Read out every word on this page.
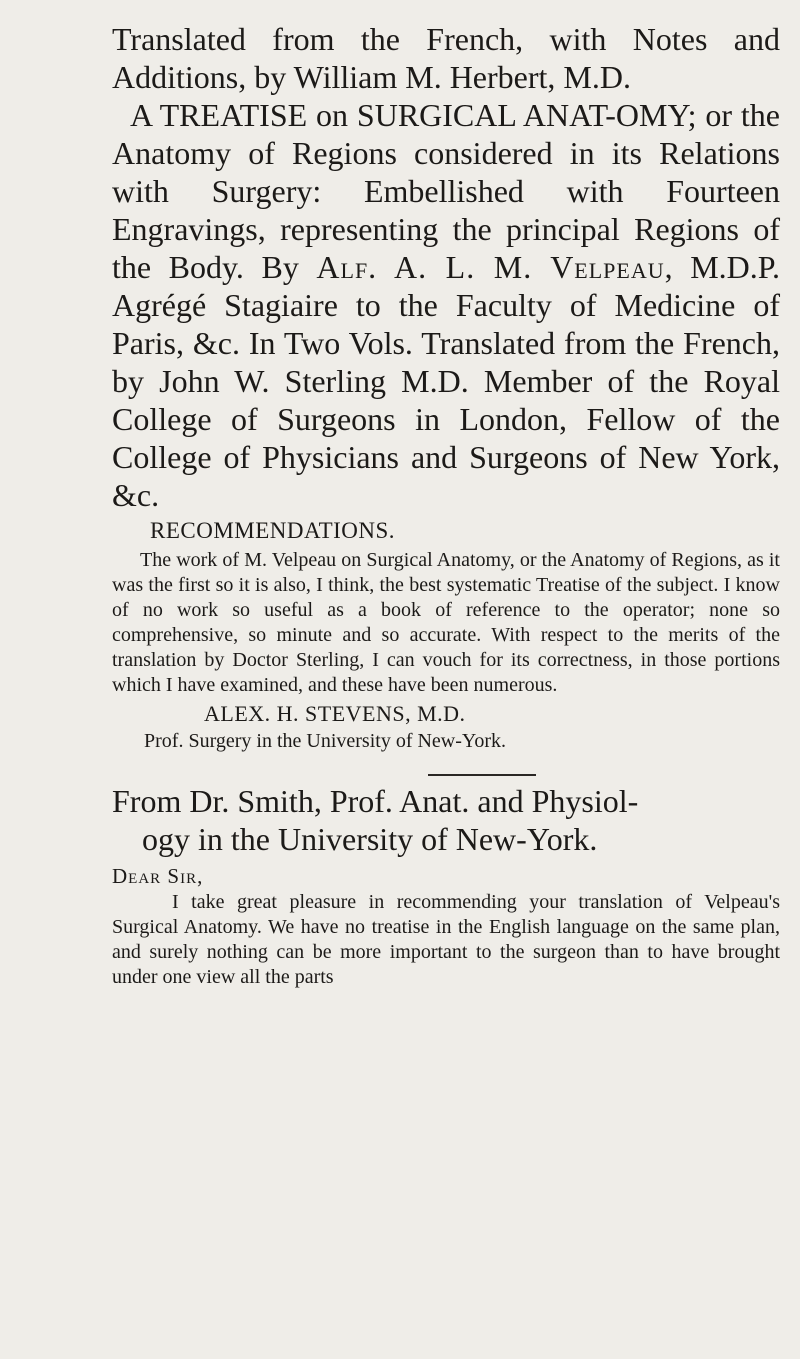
Translated from the French, with Notes and Additions, by William M. Herbert, M.D.

A TREATISE on SURGICAL ANAT-OMY; or the Anatomy of Regions considered in its Relations with Surgery: Embellished with Fourteen Engravings, representing the principal Regions of the Body. By Alf. A. L. M. Velpeau, M.D.P. Agrégé Stagiaire to the Faculty of Medicine of Paris, &c. In Two Vols. Translated from the French, by John W. Sterling M.D. Member of the Royal College of Surgeons in London, Fellow of the College of Physicians and Surgeons of New York, &c.

RECOMMENDATIONS.

The work of M. Velpeau on Surgical Anatomy, or the Anatomy of Regions, as it was the first so it is also, I think, the best systematic Treatise of the subject. I know of no work so useful as a book of reference to the operator; none so comprehensive, so minute and so accurate. With respect to the merits of the translation by Doctor Sterling, I can vouch for its correctness, in those portions which I have examined, and these have been numerous.

ALEX. H. STEVENS, M.D.
Prof. Surgery in the University of New-York.

From Dr. Smith, Prof. Anat. and Physiol-
ogy in the University of New-York.

Dear Sir,

I take great pleasure in recommending your translation of Velpeau's Surgical Anatomy. We have no treatise in the English language on the same plan, and surely nothing can be more important to the surgeon than to have brought under one view all the parts
